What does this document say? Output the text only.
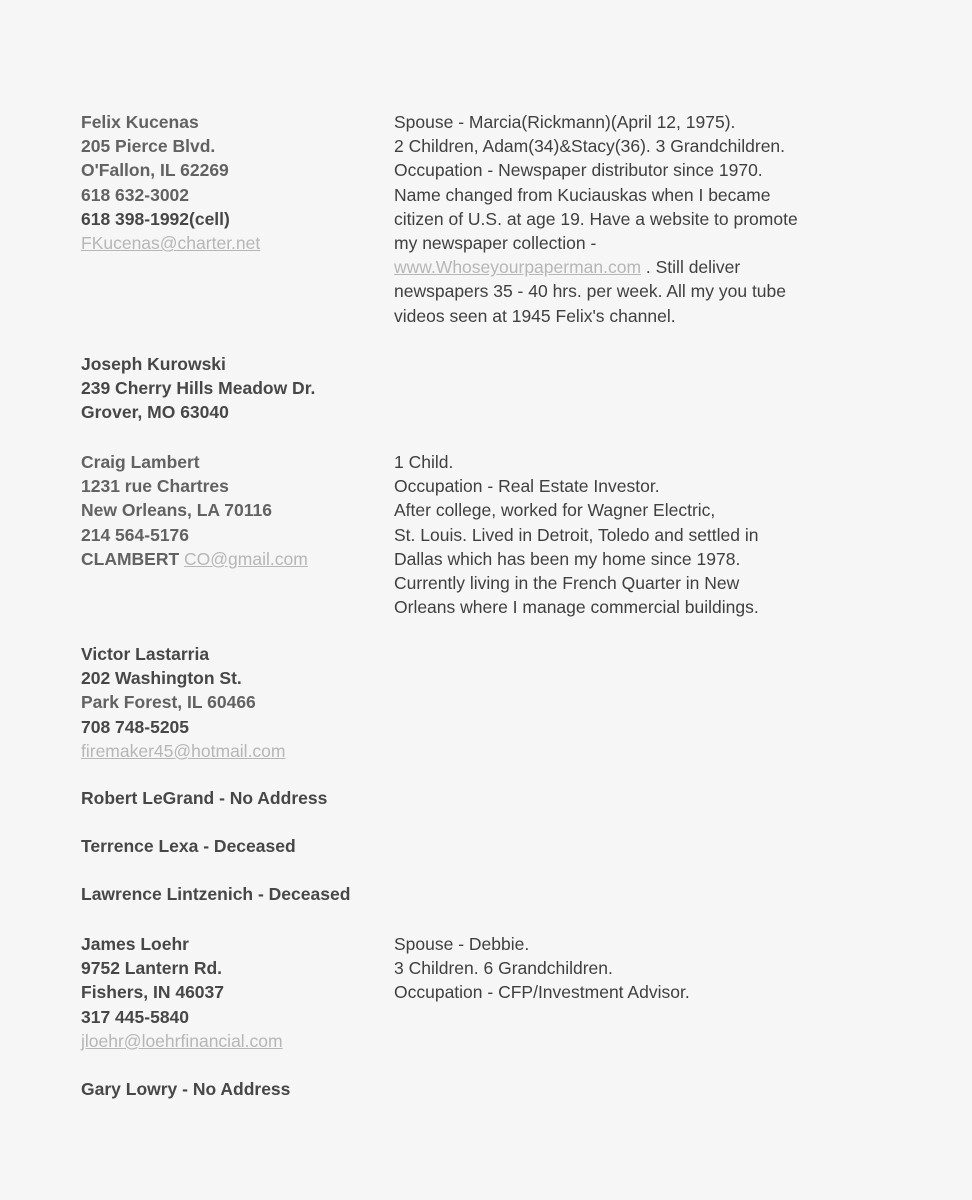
Felix Kucenas
205 Pierce Blvd.
O'Fallon, IL 62269
618 632-3002
618 398-1992(cell)
FKucenas@charter.net
Spouse - Marcia(Rickmann)(April 12, 1975).
2 Children, Adam(34)&Stacy(36). 3 Grandchildren.
Occupation - Newspaper distributor since 1970.
Name changed from Kuciauskas when I became
citizen of U.S. at age 19. Have a website to promote
my newspaper collection -
www.Whoseyourpaperman.com . Still deliver
newspapers 35 - 40 hrs. per week. All my you tube
videos seen at 1945 Felix's channel.
Joseph Kurowski
239 Cherry Hills Meadow Dr.
Grover, MO 63040
Craig Lambert
1231 rue Chartres
New Orleans, LA 70116
214 564-5176
CLAMBERT CO@gmail.com
1 Child.
Occupation - Real Estate Investor.
After college, worked for Wagner Electric,
St. Louis. Lived in Detroit, Toledo and settled in
Dallas which has been my home since 1978.
Currently living in the French Quarter in New
Orleans where I manage commercial buildings.
Victor Lastarria
202 Washington St.
Park Forest, IL 60466
708 748-5205
firemaker45@hotmail.com
Robert LeGrand - No Address
Terrence Lexa - Deceased
Lawrence Lintzenich - Deceased
James Loehr
9752 Lantern Rd.
Fishers, IN 46037
317 445-5840
jloehr@loehrfinancial.com
Spouse - Debbie.
3 Children. 6 Grandchildren.
Occupation - CFP/Investment Advisor.
Gary Lowry - No Address
